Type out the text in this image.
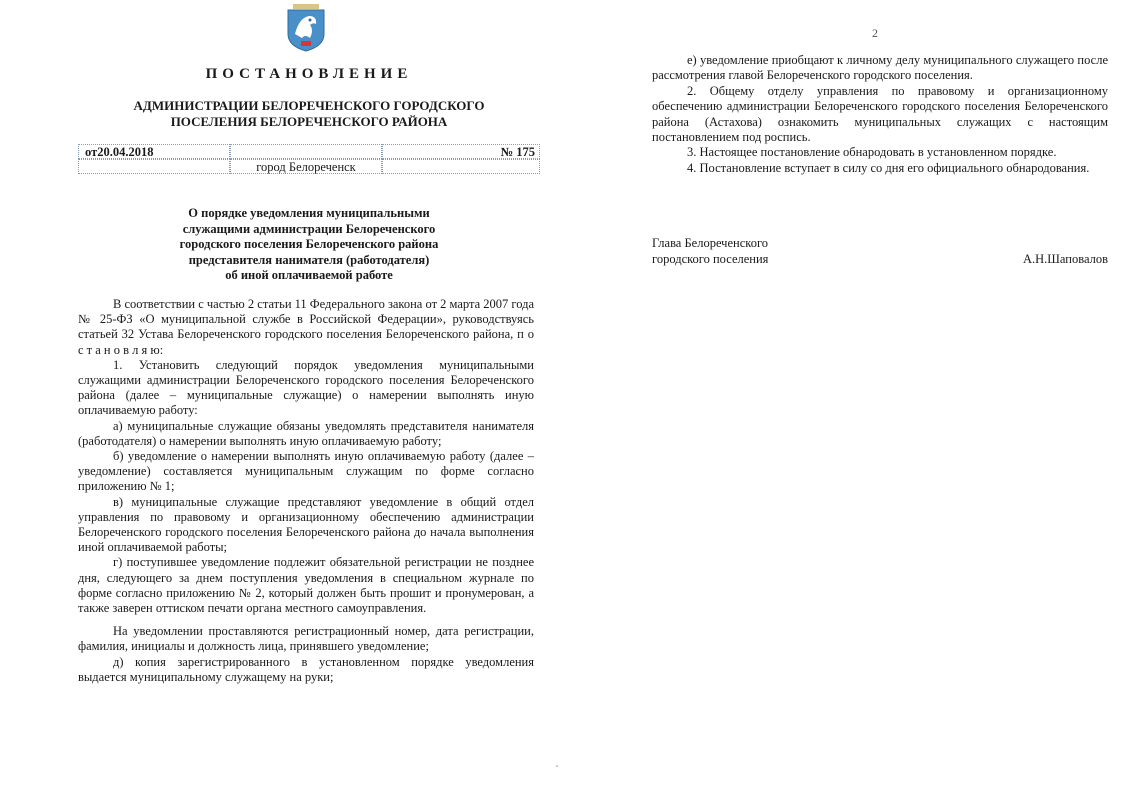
ПОСТАНОВЛЕНИЕ
АДМИНИСТРАЦИИ БЕЛОРЕЧЕНСКОГО ГОРОДСКОГО
ПОСЕЛЕНИЯ БЕЛОРЕЧЕНСКОГО РАЙОНА
от20.04.2018	№ 175
город Белореченск
О порядке уведомления муниципальными
служащими администрации Белореченского
городского поселения Белореченского района
представителя нанимателя (работодателя)
об иной оплачиваемой работе

В соответствии с частью 2 статьи 11 Федерального закона от 2 марта 2007 года № 25-ФЗ «О муниципальной службе в Российской Федерации», руководствуясь статьей 32 Устава Белореченского городского поселения Белореченского района, п о с т а н о в л я ю:

1. Установить следующий порядок уведомления муниципальными служащими администрации Белореченского городского поселения Белореченского района (далее – муниципальные служащие) о намерении выполнять иную оплачиваемую работу:

а) муниципальные служащие обязаны уведомлять представителя нанимателя (работодателя) о намерении выполнять иную оплачиваемую работу;

б) уведомление о намерении выполнять иную оплачиваемую работу (далее – уведомление) составляется муниципальным служащим по форме согласно приложению № 1;

в) муниципальные служащие представляют уведомление в общий отдел управления по правовому и организационному обеспечению администрации Белореченского городского поселения Белореченского района до начала выполнения иной оплачиваемой работы;

г) поступившее уведомление подлежит обязательной регистрации не позднее дня, следующего за днем поступления уведомления в специальном журнале по форме согласно приложению № 2, который должен быть прошит и пронумерован, а также заверен оттиском печати органа местного самоуправления.

На уведомлении проставляются регистрационный номер, дата регистрации, фамилия, инициалы и должность лица, принявшего уведомление;

д) копия зарегистрированного в установленном порядке уведомления выдается муниципальному служащему на руки;

2

е) уведомление приобщают к личному делу муниципального служащего после рассмотрения главой Белореченского городского поселения.

2. Общему отделу управления по правовому и организационному обеспечению администрации Белореченского городского поселения Белореченского района (Астахова) ознакомить муниципальных служащих с настоящим постановлением под роспись.

3. Настоящее постановление обнародовать в установленном порядке.

4. Постановление вступает в силу со дня его официального обнародования.

Глава Белореченского
городского поселения	А.Н.Шаповалов
